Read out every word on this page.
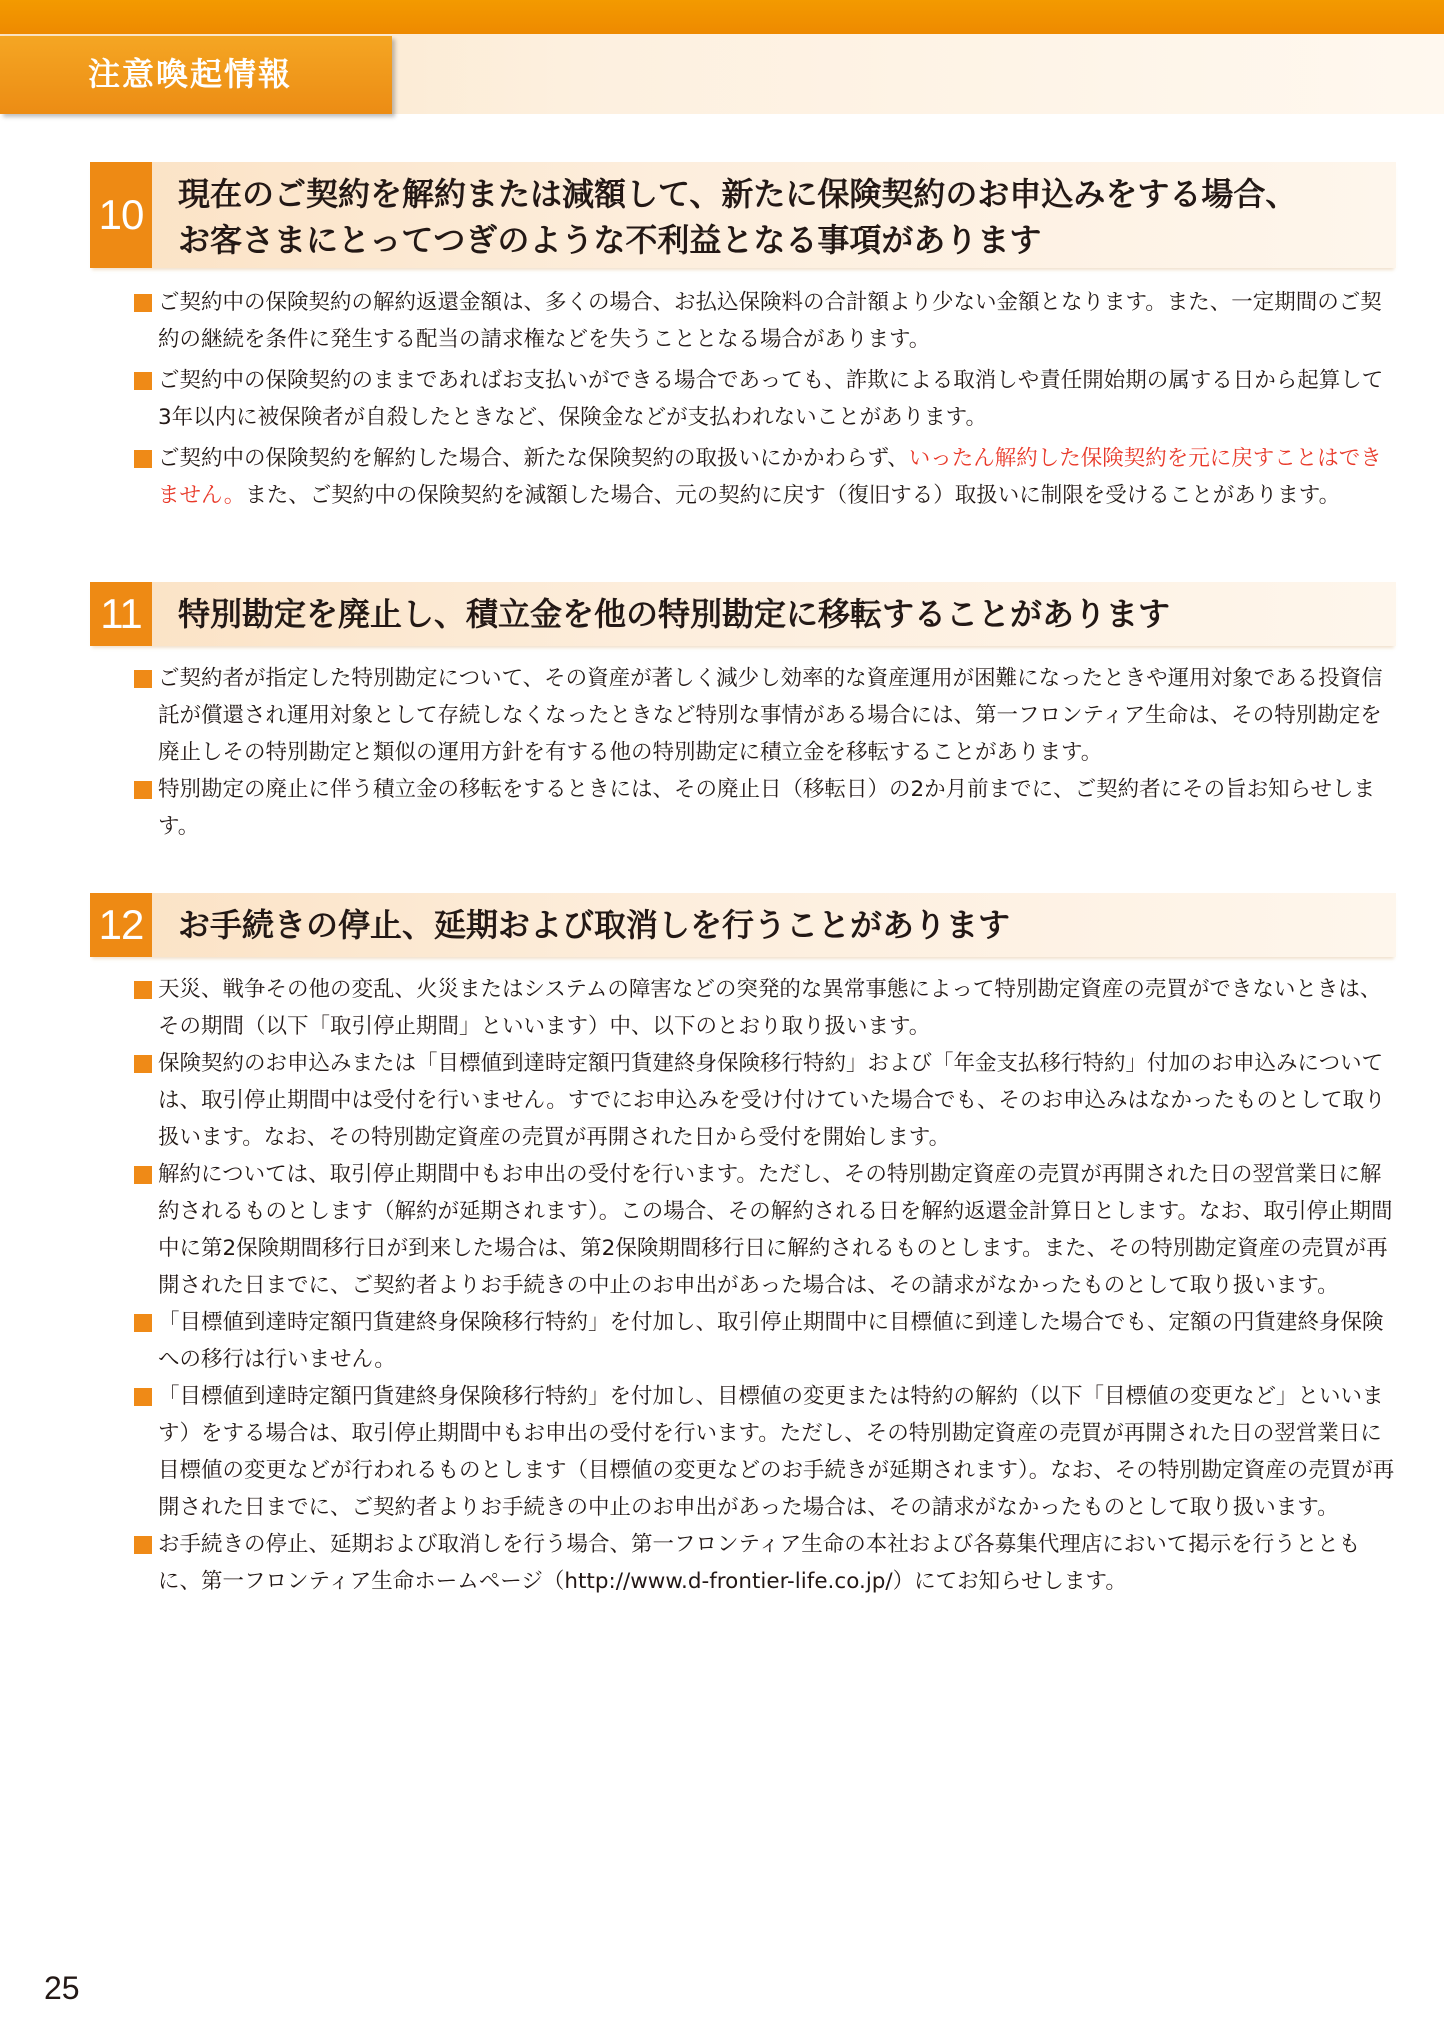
注意喚起情報
10 現在のご契約を解約または減額して、新たに保険契約のお申込みをする場合、
お客さまにとってつぎのような不利益となる事項があります
ご契約中の保険契約の解約返還金額は、多くの場合、お払込保険料の合計額より少ない金額となります。また、一定期間のご契約の継続を条件に発生する配当の請求権などを失うこととなる場合があります。
ご契約中の保険契約のままであればお支払いができる場合であっても、詐欺による取消しや責任開始期の属する日から起算して3年以内に被保険者が自殺したときなど、保険金などが支払われないことがあります。
ご契約中の保険契約を解約した場合、新たな保険契約の取扱いにかかわらず、いったん解約した保険契約を元に戻すことはできません。また、ご契約中の保険契約を減額した場合、元の契約に戻す（復旧する）取扱いに制限を受けることがあります。
11	特別勘定を廃止し、積立金を他の特別勘定に移転することがあります
ご契約者が指定した特別勘定について、その資産が著しく減少し効率的な資産運用が困難になったときや運用対象である投資信託が償還され運用対象として存続しなくなったときなど特別な事情がある場合には、第一フロンティア生命は、その特別勘定を廃止しその特別勘定と類似の運用方針を有する他の特別勘定に積立金を移転することがあります。
特別勘定の廃止に伴う積立金の移転をするときには、その廃止日（移転日）の2か月前までに、ご契約者にその旨お知らせします。
12 お手続きの停止、延期および取消しを行うことがあります
天災、戦争その他の変乱、火災またはシステムの障害などの突発的な異常事態によって特別勘定資産の売買ができないときは、その期間（以下「取引停止期間」といいます）中、以下のとおり取り扱います。
保険契約のお申込みまたは「目標値到達時定額円貨建終身保険移行特約」および「年金支払移行特約」付加のお申込みについては、取引停止期間中は受付を行いません。すでにお申込みを受け付けていた場合でも、そのお申込みはなかったものとして取り扱います。なお、その特別勘定資産の売買が再開された日から受付を開始します。
解約については、取引停止期間中もお申出の受付を行います。ただし、その特別勘定資産の売買が再開された日の翌営業日に解約されるものとします（解約が延期されます）。この場合、その解約される日を解約返還金計算日とします。なお、取引停止期間中に第2保険期間移行日が到来した場合は、第2保険期間移行日に解約されるものとします。また、その特別勘定資産の売買が再開された日までに、ご契約者よりお手続きの中止のお申出があった場合は、その請求がなかったものとして取り扱います。
「目標値到達時定額円貨建終身保険移行特約」を付加し、取引停止期間中に目標値に到達した場合でも、定額の円貨建終身保険への移行は行いません。
「目標値到達時定額円貨建終身保険移行特約」を付加し、目標値の変更または特約の解約（以下「目標値の変更など」といいます）をする場合は、取引停止期間中もお申出の受付を行います。ただし、その特別勘定資産の売買が再開された日の翌営業日に目標値の変更などが行われるものとします（目標値の変更などのお手続きが延期されます）。なお、その特別勘定資産の売買が再開された日までに、ご契約者よりお手続きの中止のお申出があった場合は、その請求がなかったものとして取り扱います。
お手続きの停止、延期および取消しを行う場合、第一フロンティア生命の本社および各募集代理店において掲示を行うとともに、第一フロンティア生命ホームページ（http://www.d-frontier-life.co.jp/）にてお知らせします。
25
